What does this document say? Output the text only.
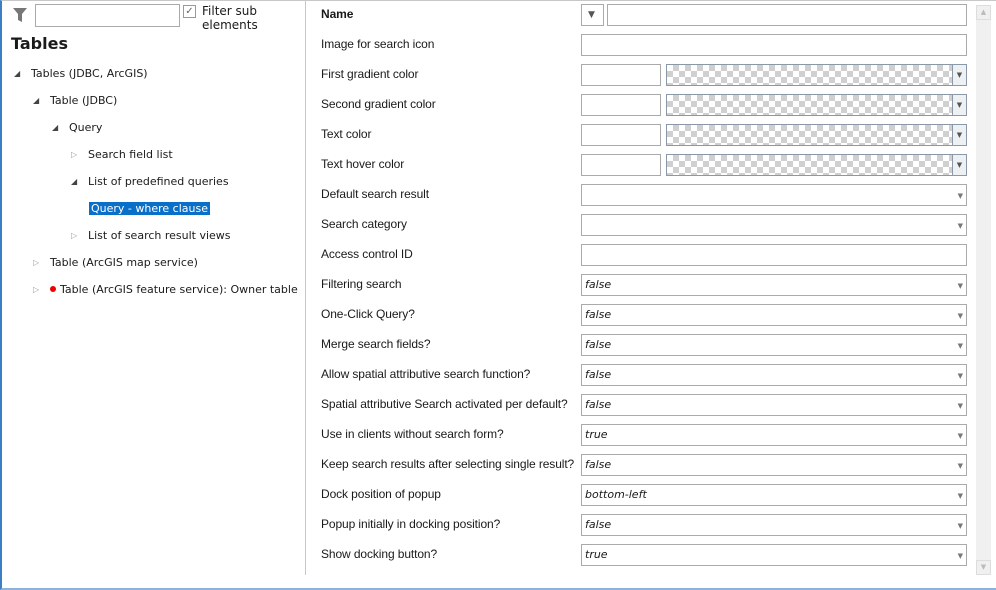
✓ Filter sub elements
Tables
◢ Tables (JDBC, ArcGIS)
◢ Table (JDBC)
◢ Query
▷ Search field list
◢ List of predefined queries
Query - where clause
▷ List of search result views
▷ Table (ArcGIS map service)
▷	Table (ArcGIS feature service): Owner table
Name	▼
Image for search icon
First gradient color	▼
Second gradient color	▼
Text color	▼
Text hover color	▼
Default search result	▼
Search category	▼
Access control ID
Filtering search	false	▼
One-Click Query?	false	▼
Merge search fields?	false	▼
Allow spatial attributive search function?	false	▼
Spatial attributive Search activated per default? false	▼
Use in clients without search form?	true	▼
Keep search results after selecting single result? false	▼
Dock position of popup	bottom-left	▼
Popup initially in docking position?	false	▼
Show docking button?	true	▼
▲
▼
